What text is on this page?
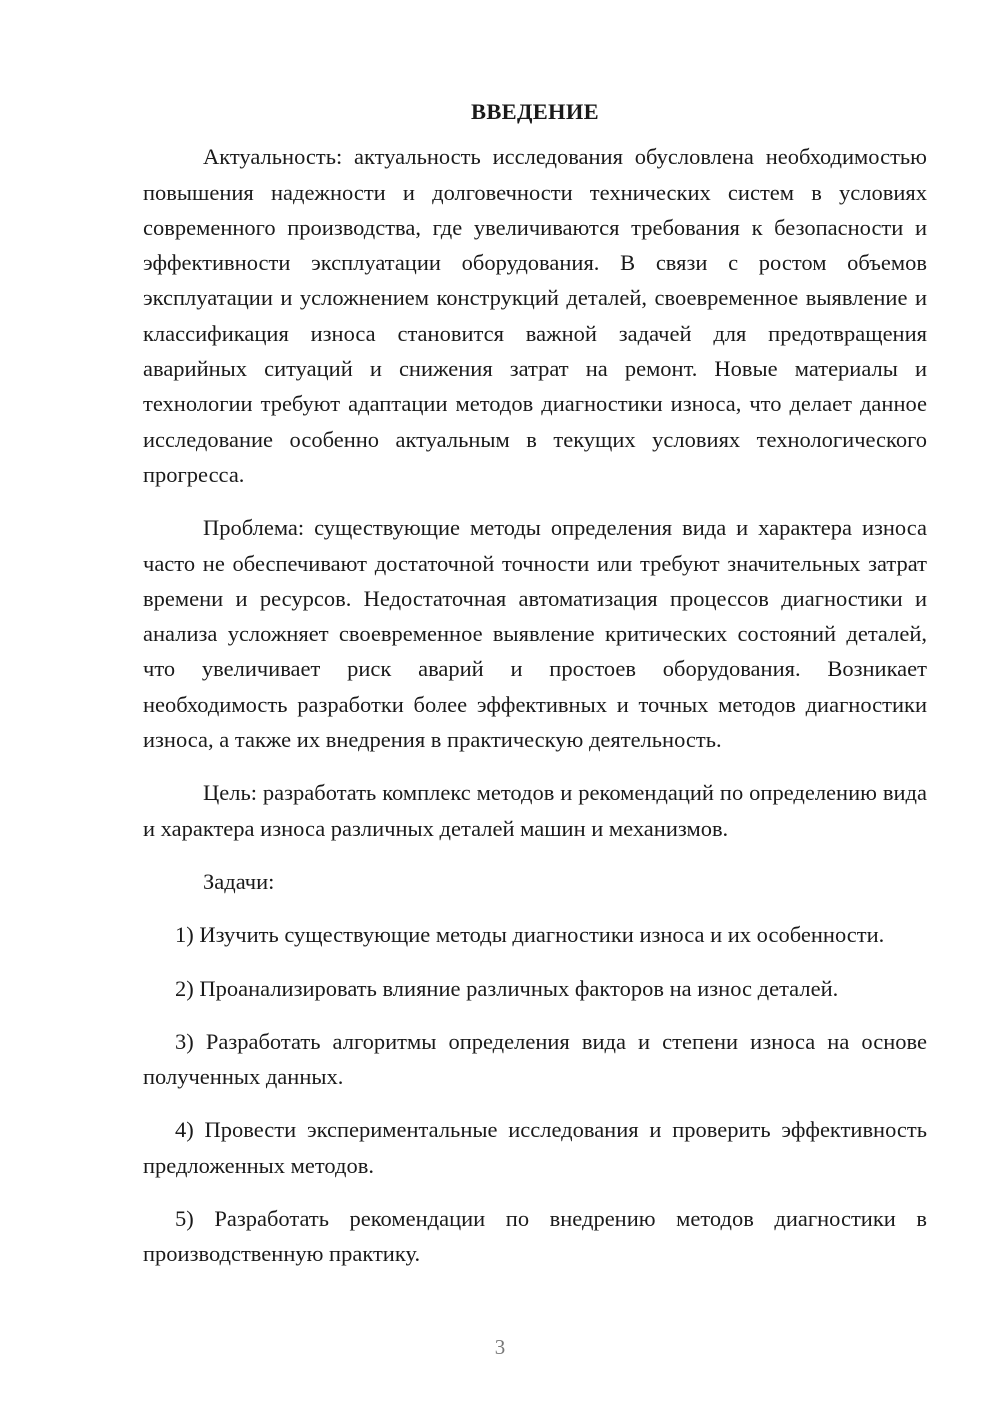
ВВЕДЕНИЕ

Актуальность: актуальность исследования обусловлена необходимостью повышения надежности и долговечности технических систем в условиях современного производства, где увеличиваются требования к безопасности и эффективности эксплуатации оборудования. В связи с ростом объемов эксплуатации и усложнением конструкций деталей, своевременное выявление и классификация износа становится важной задачей для предотвращения аварийных ситуаций и снижения затрат на ремонт. Новые материалы и технологии требуют адаптации методов диагностики износа, что делает данное исследование особенно актуальным в текущих условиях технологического прогресса.

Проблема: существующие методы определения вида и характера износа часто не обеспечивают достаточной точности или требуют значительных затрат времени и ресурсов. Недостаточная автоматизация процессов диагностики и анализа усложняет своевременное выявление критических состояний деталей, что увеличивает риск аварий и простоев оборудования. Возникает необходимость разработки более эффективных и точных методов диагностики износа, а также их внедрения в практическую деятельность.

Цель: разработать комплекс методов и рекомендаций по определению вида и характера износа различных деталей машин и механизмов.

Задачи:

1) Изучить существующие методы диагностики износа и их особенности.

2) Проанализировать влияние различных факторов на износ деталей.

3) Разработать алгоритмы определения вида и степени износа на основе полученных данных.

4) Провести экспериментальные исследования и проверить эффективность предложенных методов.

5) Разработать рекомендации по внедрению методов диагностики в производственную практику.

3
